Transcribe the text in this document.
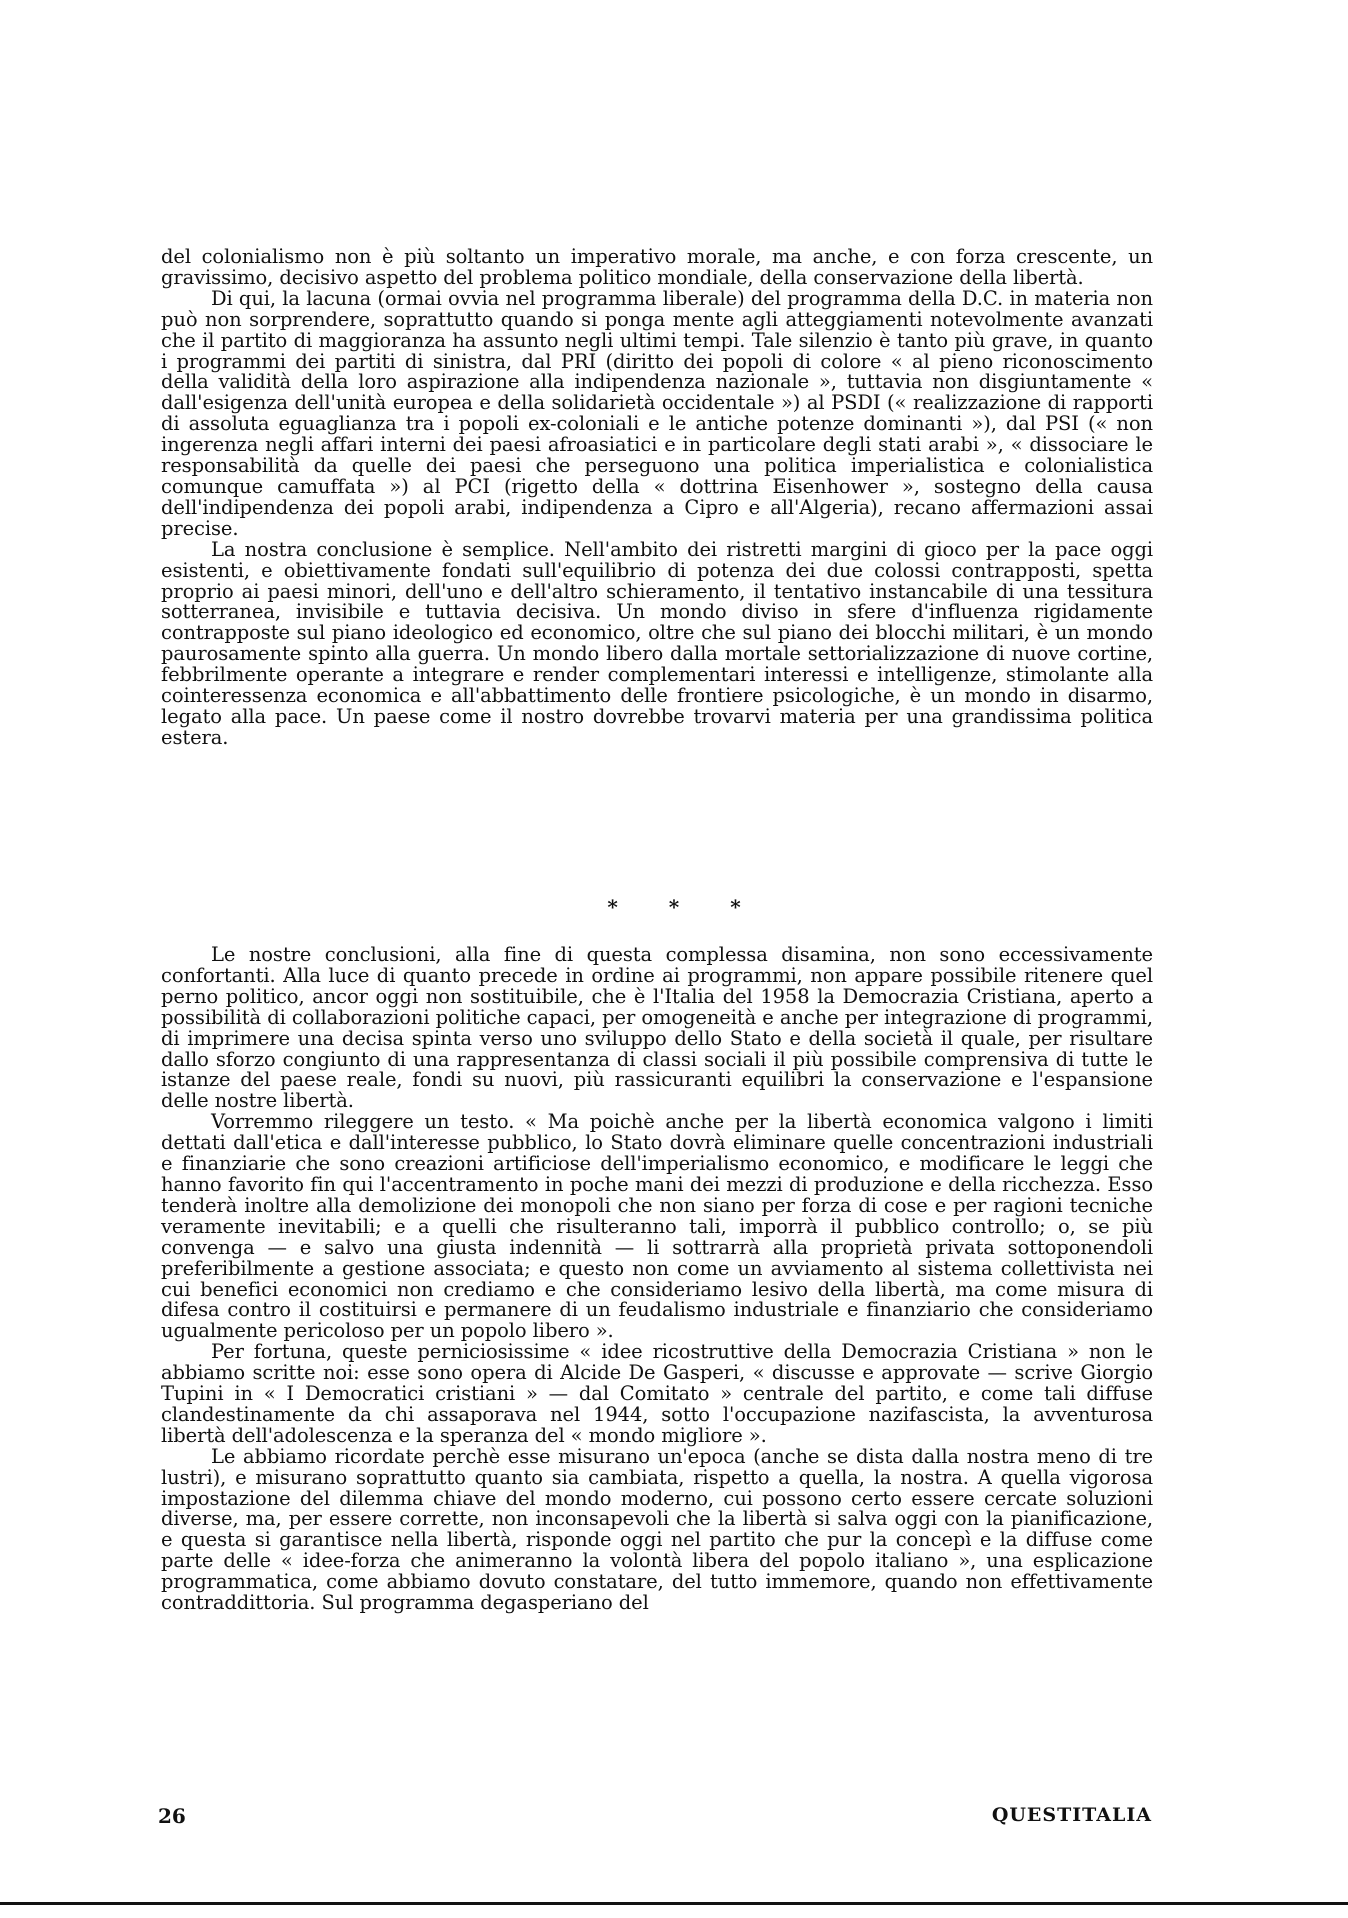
del colonialismo non è più soltanto un imperativo morale, ma anche, e con forza crescente, un gravissimo, decisivo aspetto del problema politico mondiale, della conservazione della libertà.

Di qui, la lacuna (ormai ovvia nel programma liberale) del programma della D.C. in materia non può non sorprendere, soprattutto quando si ponga mente agli atteggiamenti notevolmente avanzati che il partito di maggioranza ha assunto negli ultimi tempi. Tale silenzio è tanto più grave, in quanto i programmi dei partiti di sinistra, dal PRI (diritto dei popoli di colore « al pieno riconoscimento della validità della loro aspirazione alla indipendenza nazionale », tuttavia non disgiuntamente « dall'esigenza dell'unità europea e della solidarietà occidentale ») al PSDI (« realizzazione di rapporti di assoluta eguaglianza tra i popoli ex-coloniali e le antiche potenze dominanti »), dal PSI (« non ingerenza negli affari interni dei paesi afroasiatici e in particolare degli stati arabi », « dissociare le responsabilità da quelle dei paesi che perseguono una politica imperialistica e colonialistica comunque camuffata ») al PCI (rigetto della « dottrina Eisenhower », sostegno della causa dell'indipendenza dei popoli arabi, indipendenza a Cipro e all'Algeria), recano affermazioni assai precise.

La nostra conclusione è semplice. Nell'ambito dei ristretti margini di gioco per la pace oggi esistenti, e obiettivamente fondati sull'equilibrio di potenza dei due colossi contrapposti, spetta proprio ai paesi minori, dell'uno e dell'altro schieramento, il tentativo instancabile di una tessitura sotterranea, invisibile e tuttavia decisiva. Un mondo diviso in sfere d'influenza rigidamente contrapposte sul piano ideologico ed economico, oltre che sul piano dei blocchi militari, è un mondo paurosamente spinto alla guerra. Un mondo libero dalla mortale settorializzazione di nuove cortine, febbrilmente operante a integrare e render complementari interessi e intelligenze, stimolante alla cointeressenza economica e all'abbattimento delle frontiere psicologiche, è un mondo in disarmo, legato alla pace. Un paese come il nostro dovrebbe trovarvi materia per una grandissima politica estera.

* * *

Le nostre conclusioni, alla fine di questa complessa disamina, non sono eccessivamente confortanti. Alla luce di quanto precede in ordine ai programmi, non appare possibile ritenere quel perno politico, ancor oggi non sostituibile, che è l'Italia del 1958 la Democrazia Cristiana, aperto a possibilità di collaborazioni politiche capaci, per omogeneità e anche per integrazione di programmi, di imprimere una decisa spinta verso uno sviluppo dello Stato e della società il quale, per risultare dallo sforzo congiunto di una rappresentanza di classi sociali il più possibile comprensiva di tutte le istanze del paese reale, fondi su nuovi, più rassicuranti equilibri la conservazione e l'espansione delle nostre libertà.

Vorremmo rileggere un testo. « Ma poichè anche per la libertà economica valgono i limiti dettati dall'etica e dall'interesse pubblico, lo Stato dovrà eliminare quelle concentrazioni industriali e finanziarie che sono creazioni artificiose dell'imperialismo economico, e modificare le leggi che hanno favorito fin qui l'accentramento in poche mani dei mezzi di produzione e della ricchezza. Esso tenderà inoltre alla demolizione dei monopoli che non siano per forza di cose e per ragioni tecniche veramente inevitabili; e a quelli che risulteranno tali, imporrà il pubblico controllo; o, se più convenga — e salvo una giusta indennità — li sottrarrà alla proprietà privata sottoponendoli preferibilmente a gestione associata; e questo non come un avviamento al sistema collettivista nei cui benefici economici non crediamo e che consideriamo lesivo della libertà, ma come misura di difesa contro il costituirsi e permanere di un feudalismo industriale e finanziario che consideriamo ugualmente pericoloso per un popolo libero ».

Per fortuna, queste perniciosissime « idee ricostruttive della Democrazia Cristiana » non le abbiamo scritte noi: esse sono opera di Alcide De Gasperi, « discusse e approvate — scrive Giorgio Tupini in « I Democratici cristiani » — dal Comitato » centrale del partito, e come tali diffuse clandestinamente da chi assaporava nel 1944, sotto l'occupazione nazifascista, la avventurosa libertà dell'adolescenza e la speranza del « mondo migliore ».

Le abbiamo ricordate perchè esse misurano un'epoca (anche se dista dalla nostra meno di tre lustri), e misurano soprattutto quanto sia cambiata, rispetto a quella, la nostra. A quella vigorosa impostazione del dilemma chiave del mondo moderno, cui possono certo essere cercate soluzioni diverse, ma, per essere corrette, non inconsapevoli che la libertà si salva oggi con la pianificazione, e questa si garantisce nella libertà, risponde oggi nel partito che pur la concepì e la diffuse come parte delle « idee-forza che animeranno la volontà libera del popolo italiano », una esplicazione programmatica, come abbiamo dovuto constatare, del tutto immemore, quando non effettivamente contraddittoria. Sul programma degasperiano del

26	QUESTITALIA
